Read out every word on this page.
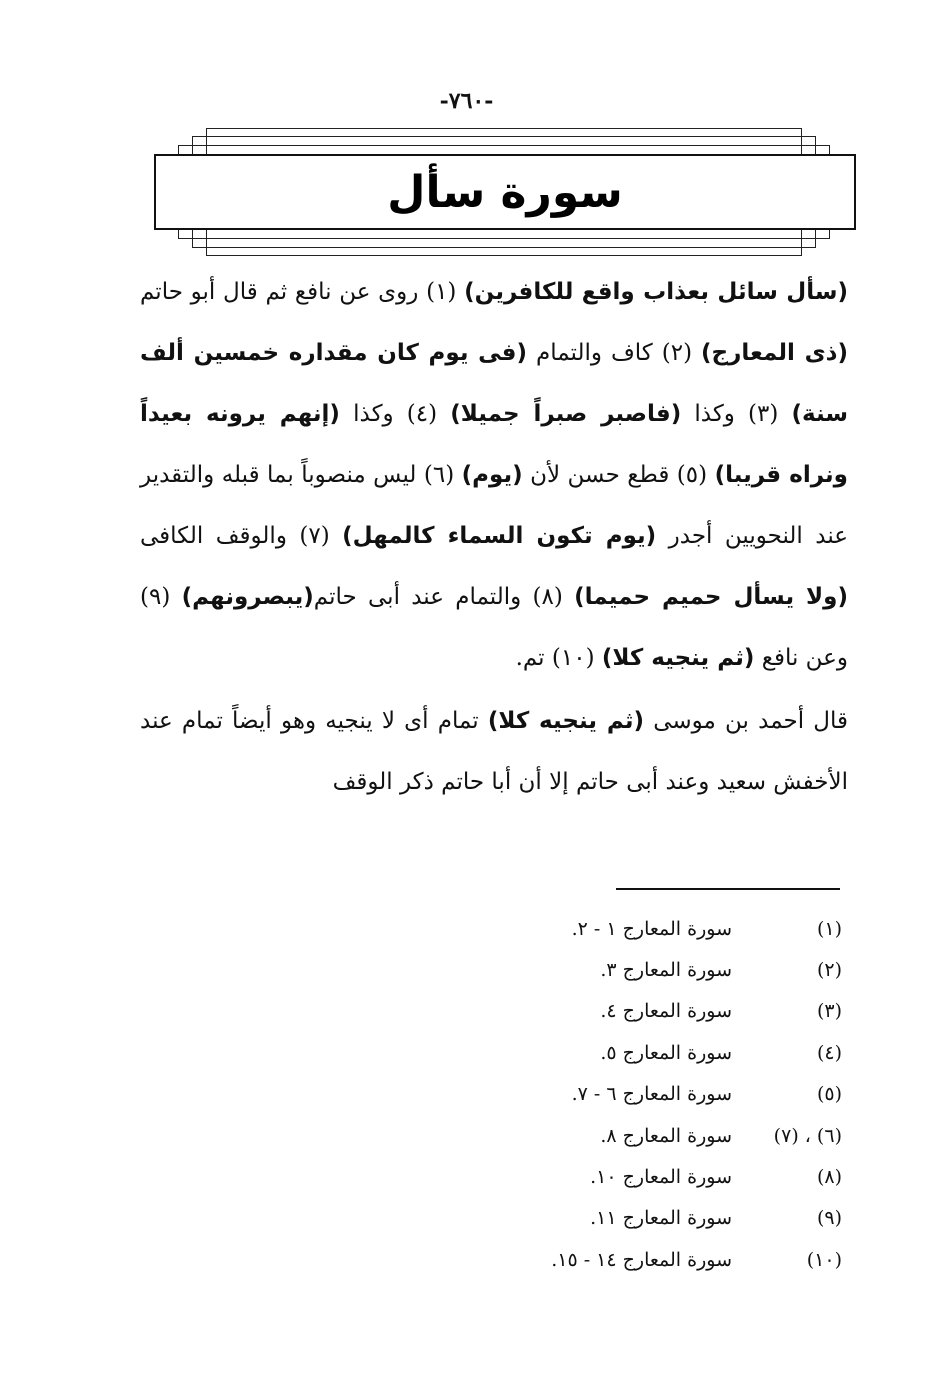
-٧٦٠-
سورة سأل

(سأل سائل بعذاب واقع للكافرين) (١) روى عن نافع ثم قال أبو حاتم (ذى المعارج) (٢) كاف والتمام (فى يوم كان مقداره خمسين ألف سنة) (٣) وكذا (فاصبر صبراً جميلا) (٤) وكذا (إنهم يرونه بعيداً ونراه قريبا) (٥) قطع حسن لأن (يوم) (٦) ليس منصوباً بما قبله والتقدير عند النحويين أجدر (يوم تكون السماء كالمهل) (٧) والوقف الكافى (ولا يسأل حميم حميما) (٨) والتمام عند أبى حاتم(يبصرونهم) (٩) وعن نافع (ثم ينجيه كلا) (١٠) تم.

قال أحمد بن موسى (ثم ينجيه كلا) تمام أى لا ينجيه وهو أيضاً تمام عند الأخفش سعيد وعند أبى حاتم إلا أن أبا حاتم ذكر الوقف

(١)
سورة المعارج ١ - ٢.
(٢)
سورة المعارج ٣.
(٣)
سورة المعارج ٤.
(٤)
سورة المعارج ٥.
(٥)
سورة المعارج ٦ - ٧.
(٦) ، (٧)
سورة المعارج ٨.
(٨)
سورة المعارج ١٠.
(٩)
سورة المعارج ١١.
(١٠)
سورة المعارج ١٤ - ١٥.
